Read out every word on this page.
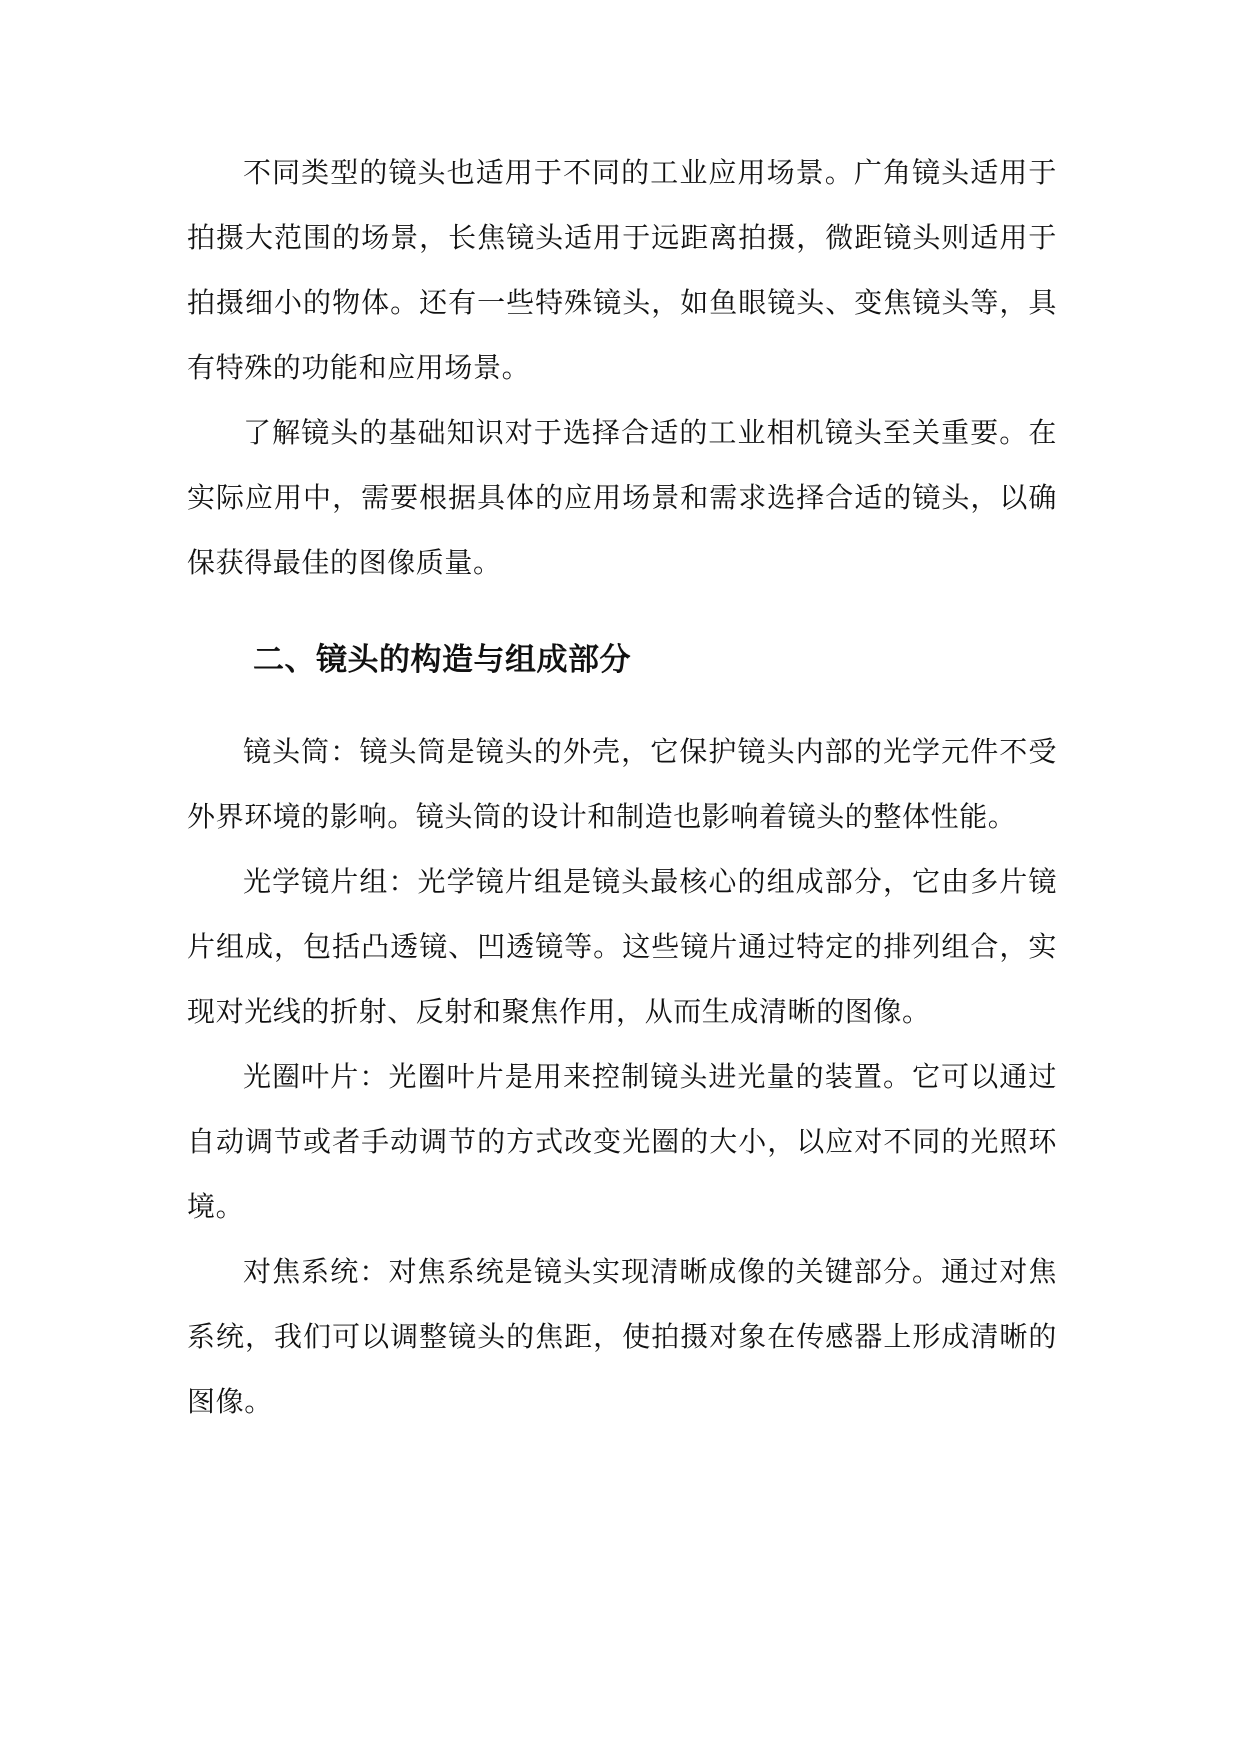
不同类型的镜头也适用于不同的工业应用场景。广角镜头适用于拍摄大范围的场景，长焦镜头适用于远距离拍摄，微距镜头则适用于拍摄细小的物体。还有一些特殊镜头，如鱼眼镜头、变焦镜头等，具有特殊的功能和应用场景。

了解镜头的基础知识对于选择合适的工业相机镜头至关重要。在实际应用中，需要根据具体的应用场景和需求选择合适的镜头，以确保获得最佳的图像质量。

二、镜头的构造与组成部分

镜头筒：镜头筒是镜头的外壳，它保护镜头内部的光学元件不受外界环境的影响。镜头筒的设计和制造也影响着镜头的整体性能。

光学镜片组：光学镜片组是镜头最核心的组成部分，它由多片镜片组成，包括凸透镜、凹透镜等。这些镜片通过特定的排列组合，实现对光线的折射、反射和聚焦作用，从而生成清晰的图像。

光圈叶片：光圈叶片是用来控制镜头进光量的装置。它可以通过自动调节或者手动调节的方式改变光圈的大小，以应对不同的光照环境。

对焦系统：对焦系统是镜头实现清晰成像的关键部分。通过对焦系统，我们可以调整镜头的焦距，使拍摄对象在传感器上形成清晰的图像。
